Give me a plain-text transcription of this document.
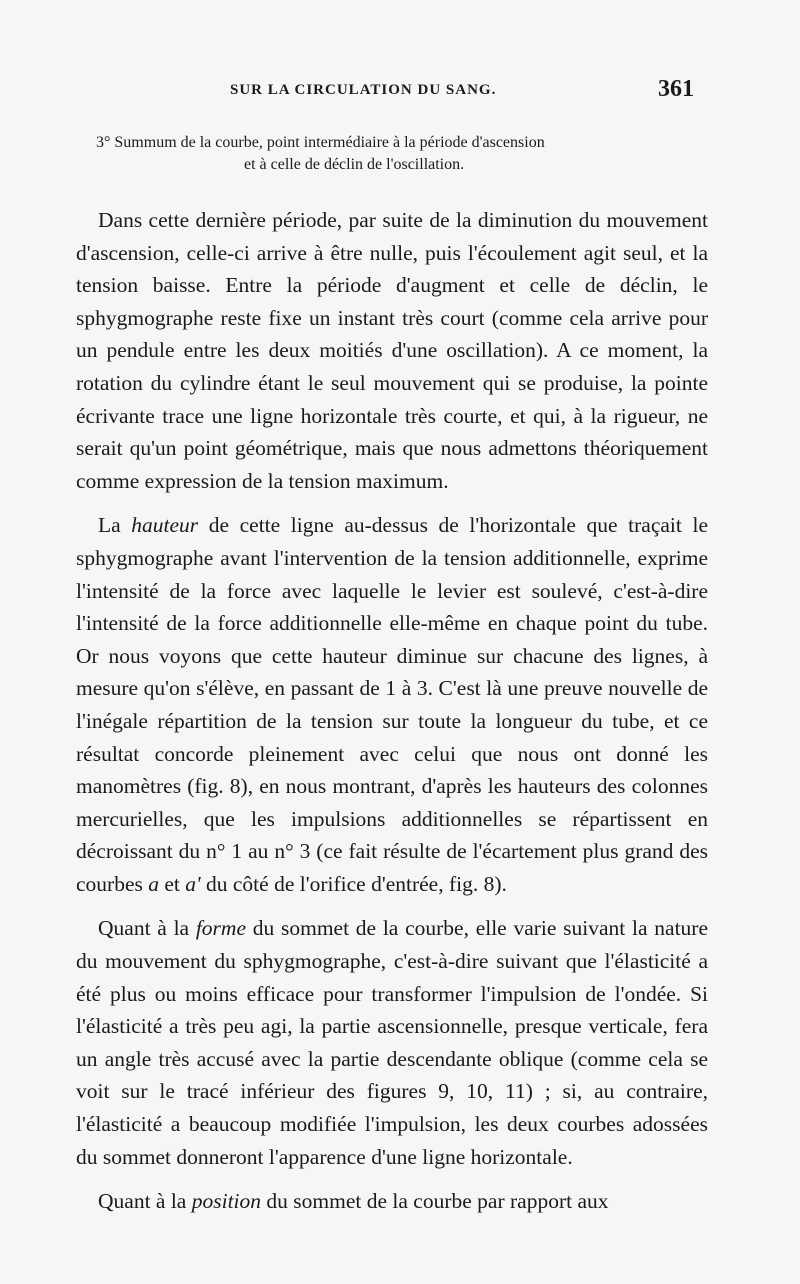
SUR LA CIRCULATION DU SANG.	361
3° Summum de la courbe, point intermédiaire à la période d'ascension
et à celle de déclin de l'oscillation.

Dans cette dernière période, par suite de la diminution du mouvement d'ascension, celle-ci arrive à être nulle, puis l'écoulement agit seul, et la tension baisse. Entre la période d'augment et celle de déclin, le sphygmographe reste fixe un instant très court (comme cela arrive pour un pendule entre les deux moitiés d'une oscillation). A ce moment, la rotation du cylindre étant le seul mouvement qui se produise, la pointe écrivante trace une ligne horizontale très courte, et qui, à la rigueur, ne serait qu'un point géométrique, mais que nous admettons théoriquement comme expression de la tension maximum.

La hauteur de cette ligne au-dessus de l'horizontale que traçait le sphygmographe avant l'intervention de la tension additionnelle, exprime l'intensité de la force avec laquelle le levier est soulevé, c'est-à-dire l'intensité de la force additionnelle elle-même en chaque point du tube. Or nous voyons que cette hauteur diminue sur chacune des lignes, à mesure qu'on s'élève, en passant de 1 à 3. C'est là une preuve nouvelle de l'inégale répartition de la tension sur toute la longueur du tube, et ce résultat concorde pleinement avec celui que nous ont donné les manomètres (fig. 8), en nous montrant, d'après les hauteurs des colonnes mercurielles, que les impulsions additionnelles se répartissent en décroissant du n° 1 au n° 3 (ce fait résulte de l'écartement plus grand des courbes a et a' du côté de l'orifice d'entrée, fig. 8).

Quant à la forme du sommet de la courbe, elle varie suivant la nature du mouvement du sphygmographe, c'est-à-dire suivant que l'élasticité a été plus ou moins efficace pour transformer l'impulsion de l'ondée. Si l'élasticité a très peu agi, la partie ascensionnelle, presque verticale, fera un angle très accusé avec la partie descendante oblique (comme cela se voit sur le tracé inférieur des figures 9, 10, 11) ; si, au contraire, l'élasticité a beaucoup modifiée l'impulsion, les deux courbes adossées du sommet donneront l'apparence d'une ligne horizontale.

Quant à la position du sommet de la courbe par rapport aux
